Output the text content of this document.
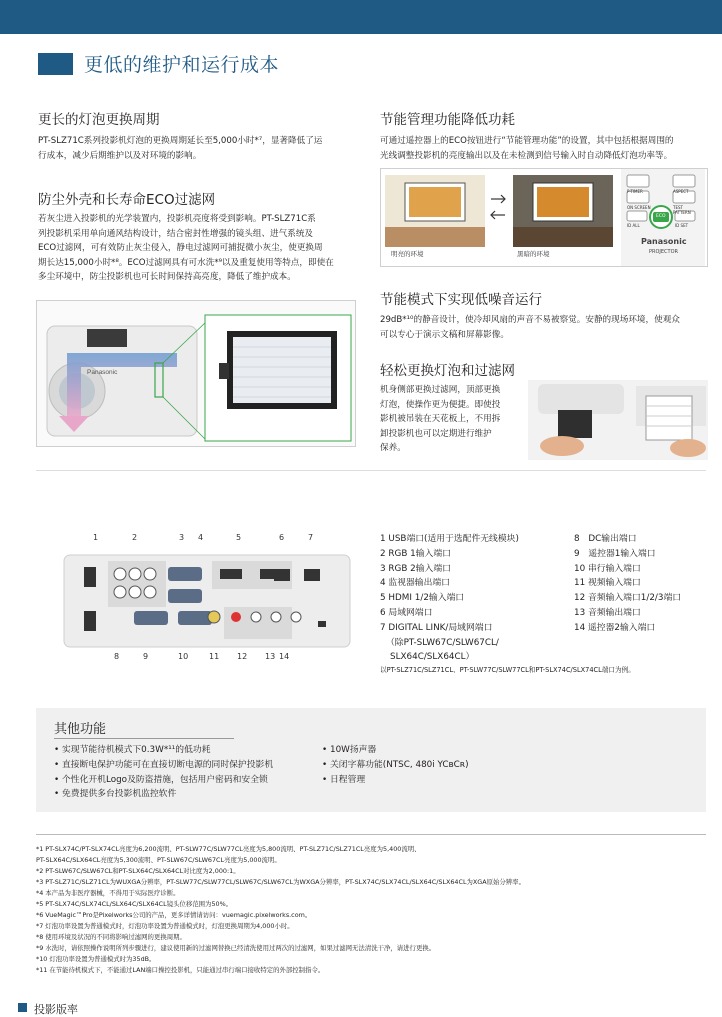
更低的维护和运行成本
更长的灯泡更换周期
PT-SLZ71C系列投影机灯泡的更换周期延长至5,000小时*⁷，显著降低了运
行成本，减少后期维护以及对环境的影响。
防尘外壳和长寿命ECO过滤网
若灰尘进入投影机的光学装置内，投影机亮度将受到影响。PT-SLZ71C系
列投影机采用单向通风结构设计，结合密封性增强的镜头组、进气系统及
ECO过滤网，可有效防止灰尘侵入，静电过滤网可捕捉微小灰尘，使更换周
期长达15,000小时*⁸。ECO过滤网具有可水洗*⁹以及重复使用等特点，即使在
多尘环境中，防尘投影机也可长时间保持高亮度，降低了维护成本。
Panasonic
节能管理功能降低功耗
可通过遥控器上的ECO按钮进行“节能管理功能”的设置，其中包括根据周围的
光线调整投影机的亮度输出以及在未检测到信号输入时自动降低灯泡功率等。
明亮的环境	黑暗的环境
P-TIMER	ASPECT
ON SCREEN	TEST PATTERN
ID ALL
ECO
ID SET
Panasonic
PROJECTOR
节能模式下实现低噪音运行
29dB*¹⁰的静音设计，使冷却风扇的声音不易被察觉。安静的现场环境，使观众
可以专心于演示文稿和屏幕影像。
轻松更换灯泡和过滤网
机身侧部更换过滤网，顶部更换
灯泡，使操作更为便捷。即使投
影机被吊装在天花板上，不用拆
卸投影机也可以定期进行维护
保养。
1	2	3 4	5	6	7
8	9	10	11 12 13 14
1 USB端口(适用于选配件无线模块)
2 RGB 1输入端口
3 RGB 2输入端口
4 监视器输出端口
5 HDMI 1/2输入端口
6 局域网端口
7 DIGITAL LINK/局域网端口
（除PT-SLW67C/SLW67CL/
SLX64C/SLX64CL）
8　DC输出端口
9　遥控器1输入端口
10 串行输入端口
11 视频输入端口
12 音频输入端口1/2/3端口
13 音频输出端口
14 遥控器2输入端口
以PT-SLZ71C/SLZ71CL、PT-SLW77C/SLW77CL和PT-SLX74C/SLX74CL端口为例。
其他功能
• 实现节能待机模式下0.3W*¹¹的低功耗
• 直接断电保护功能可在直接切断电源的同时保护投影机
• 个性化开机Logo及防盗措施，包括用户密码和安全锁
• 免费提供多台投影机监控软件
• 10W扬声器
• 关闭字幕功能(NTSC, 480i YCʙCʀ)
• 日程管理
*1 PT-SLX74C/PT-SLX74CL亮度为6,200流明、PT-SLW77C/SLW77CL亮度为5,800流明、PT-SLZ71C/SLZ71CL亮度为5,400流明、
PT-SLX64C/SLX64CL亮度为5,300流明、PT-SLW67C/SLW67CL亮度为5,000流明。
*2 PT-SLW67C/SLW67CL和PT-SLX64C/SLX64CL对比度为2,000:1。
*3 PT-SLZ71C/SLZ71CL为WUXGA分辨率，PT-SLW77C/SLW77CL/SLW67C/SLW67CL为WXGA分辨率，PT-SLX74C/SLX74CL/SLX64C/SLX64CL为XGA原始分辨率。
*4 本产品为非医疗器械，不得用于实际医疗诊断。
*5 PT-SLX74C/SLX74CL/SLX64C/SLX64CL镜头位移范围为50%。
*6 VueMagic™Pro是Pixelworks公司的产品，更多详情请访问：vuemagic.pixelworks.com。
*7 灯泡功率设置为普通模式时，灯泡功率设置为普通模式时，灯泡更换周期为4,000小时。
*8 使用环境及状况的不同将影响过滤网的更换周期。
*9 水洗时，请依照操作说明所列步骤进行，建议使用新的过滤网替换已经清洗使用过两次的过滤网，如果过滤网无法清洗干净，请进行更换。
*10 灯泡功率设置为普通模式时为35dB。
*11 在节能待机模式下，不能通过LAN端口操控投影机，只能通过串行端口接收特定的外部控制指令。
投影版率
